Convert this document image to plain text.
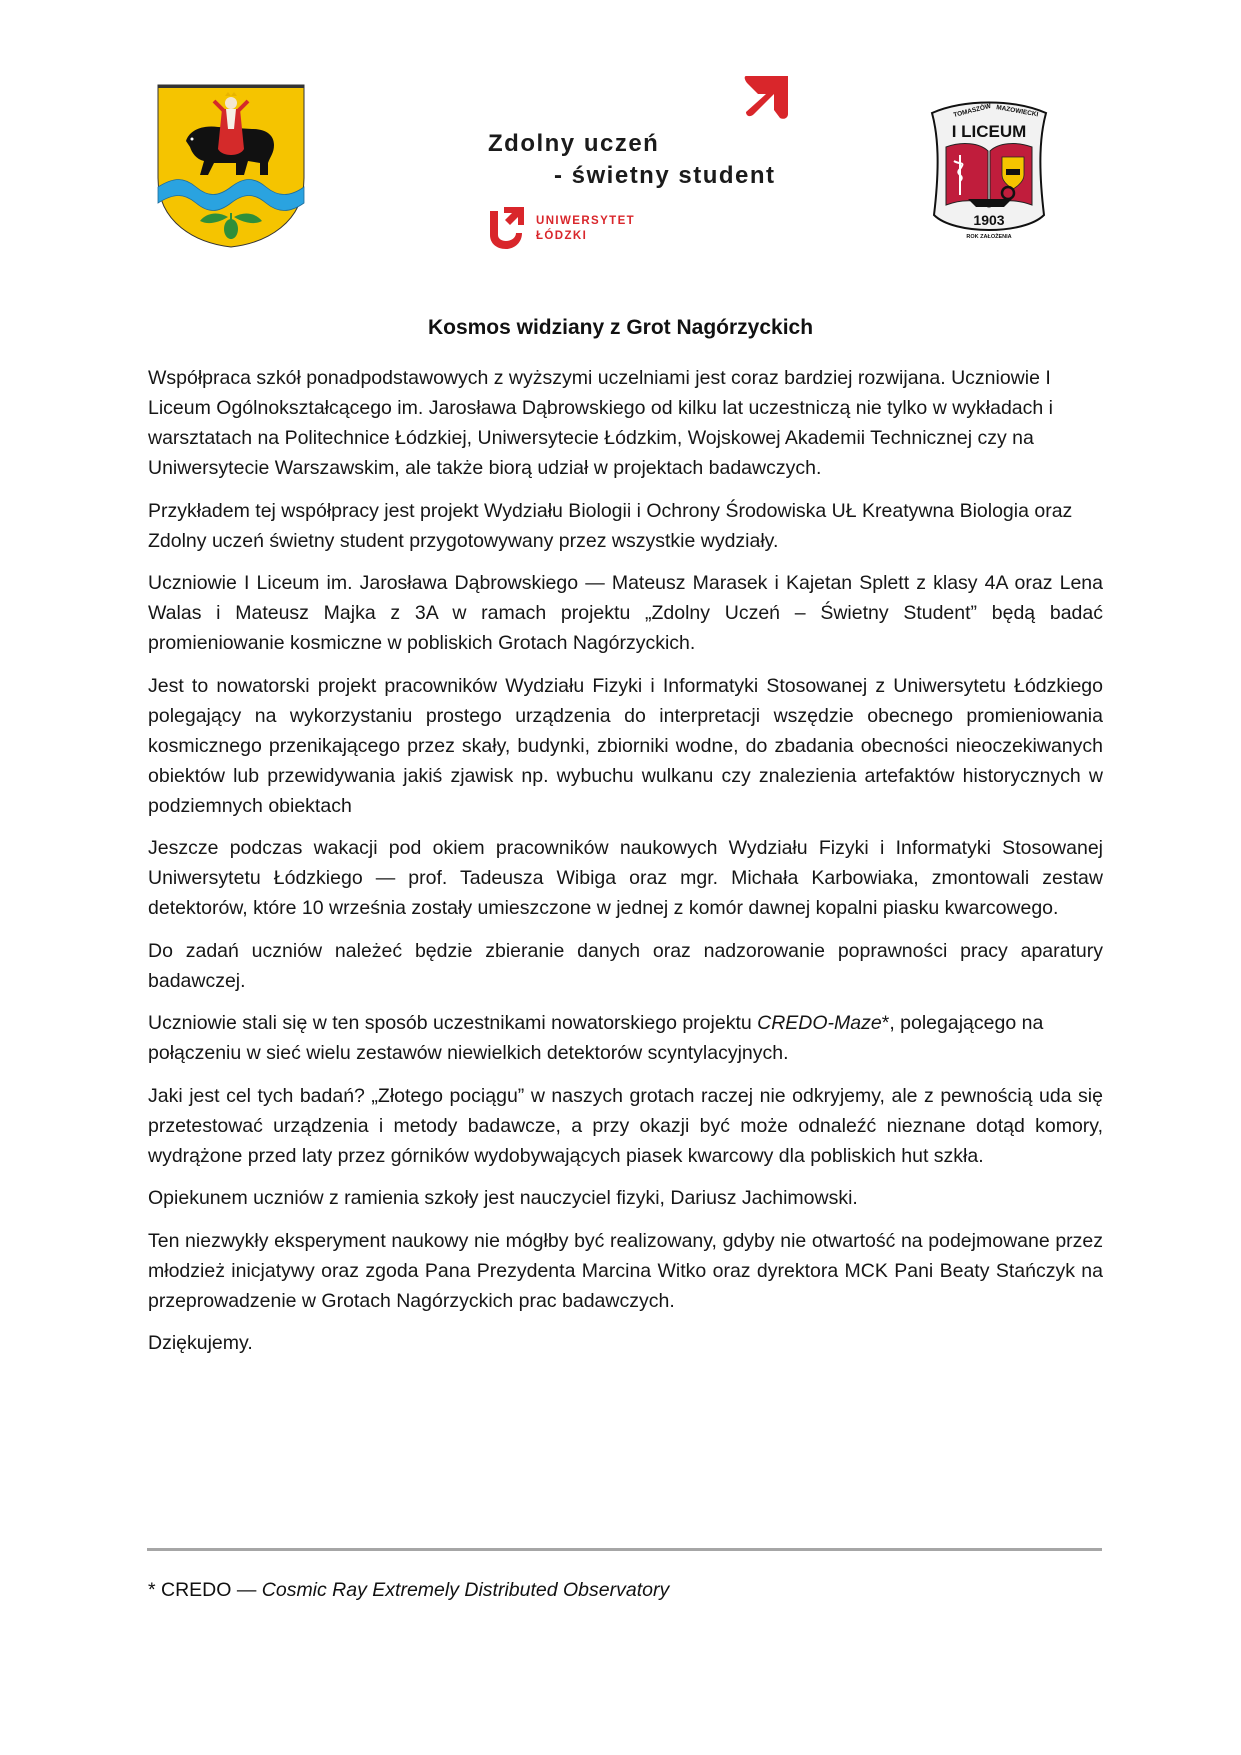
Zdolny uczeń
- świetny student
UNIWERSYTET
ŁÓDZKI
TOMASZÓW MAZOWIECKI
I LICEUM
1903
ROK ZAŁOŻENIA
Kosmos widziany z Grot Nagórzyckich

Współpraca szkół ponadpodstawowych z wyższymi uczelniami jest coraz bardziej rozwijana. Uczniowie I Liceum Ogólnokształcącego im. Jarosława Dąbrowskiego od kilku lat uczestniczą nie tylko w wykładach i warsztatach na Politechnice Łódzkiej, Uniwersytecie Łódzkim, Wojskowej Akademii Technicznej czy na Uniwersytecie Warszawskim, ale także biorą udział w projektach badawczych.

Przykładem tej współpracy jest projekt Wydziału Biologii i Ochrony Środowiska UŁ Kreatywna Biologia oraz Zdolny uczeń świetny student przygotowywany przez wszystkie wydziały.

Uczniowie I Liceum im. Jarosława Dąbrowskiego — Mateusz Marasek i Kajetan Splett z klasy 4A oraz Lena Walas i Mateusz Majka z 3A w ramach projektu „Zdolny Uczeń – Świetny Student” będą badać promieniowanie kosmiczne w pobliskich Grotach Nagórzyckich.

Jest to nowatorski projekt pracowników Wydziału Fizyki i Informatyki Stosowanej z Uniwersytetu Łódzkiego polegający na wykorzystaniu prostego urządzenia do interpretacji wszędzie obecnego promieniowania kosmicznego przenikającego przez skały, budynki, zbiorniki wodne, do zbadania obecności nieoczekiwanych obiektów lub przewidywania jakiś zjawisk np. wybuchu wulkanu czy znalezienia artefaktów historycznych w podziemnych obiektach

Jeszcze podczas wakacji pod okiem pracowników naukowych Wydziału Fizyki i Informatyki Stosowanej Uniwersytetu Łódzkiego — prof. Tadeusza Wibiga oraz mgr. Michała Karbowiaka, zmontowali zestaw detektorów, które 10 września zostały umieszczone w jednej z komór dawnej kopalni piasku kwarcowego.

Do zadań uczniów należeć będzie zbieranie danych oraz nadzorowanie poprawności pracy aparatury badawczej.

Uczniowie stali się w ten sposób uczestnikami nowatorskiego projektu CREDO-Maze*, polegającego na połączeniu w sieć wielu zestawów niewielkich detektorów scyntylacyjnych.

Jaki jest cel tych badań? „Złotego pociągu” w naszych grotach raczej nie odkryjemy, ale z pewnością uda się przetestować urządzenia i metody badawcze, a przy okazji być może odnaleźć nieznane dotąd komory, wydrążone przed laty przez górników wydobywających piasek kwarcowy dla pobliskich hut szkła.

Opiekunem uczniów z ramienia szkoły jest nauczyciel fizyki, Dariusz Jachimowski.

Ten niezwykły eksperyment naukowy nie mógłby być realizowany, gdyby nie otwartość na podejmowane przez młodzież inicjatywy oraz zgoda Pana Prezydenta Marcina Witko oraz dyrektora MCK Pani Beaty Stańczyk na przeprowadzenie w Grotach Nagórzyckich prac badawczych.

Dziękujemy.

* CREDO — Cosmic Ray Extremely Distributed Observatory
